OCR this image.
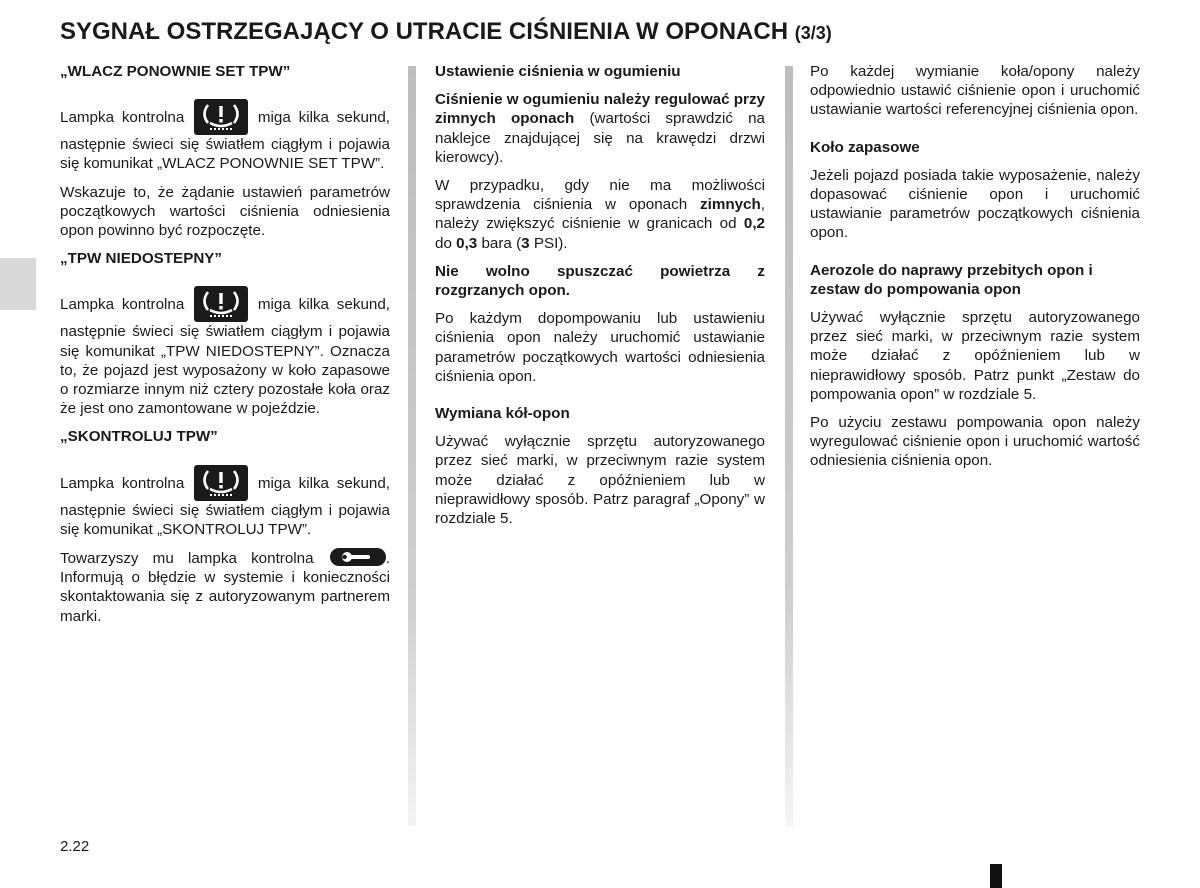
SYGNAŁ OSTRZEGAJĄCY O UTRACIE CIŚNIENIA W OPONACH (3/3)
„WLACZ PONOWNIE SET TPW”

Lampka kontrolna	miga kilka sekund, następnie świeci się światłem ciągłym i pojawia się komunikat „WLACZ PONOWNIE SET TPW”.

Wskazuje to, że żądanie ustawień parametrów początkowych wartości ciśnienia odniesienia opon powinno być rozpoczęte.

„TPW NIEDOSTEPNY”

Lampka kontrolna	miga kilka sekund, następnie świeci się światłem ciągłym i pojawia się komunikat „TPW NIEDOSTEPNY”. Oznacza to, że pojazd jest wyposażony w koło zapasowe o rozmiarze innym niż cztery pozostałe koła oraz że jest ono zamontowane w pojeździe.

„SKONTROLUJ TPW”

Lampka kontrolna	miga kilka sekund, następnie świeci się światłem ciągłym i pojawia się komunikat „SKONTROLUJ TPW”.

Towarzyszy mu lampka kontrolna	. Informują o błędzie w systemie i konieczności skontaktowania się z autoryzowanym partnerem marki.

Ustawienie ciśnienia w ogumieniu

Ciśnienie w ogumieniu należy regulować przy zimnych oponach (wartości sprawdzić na naklejce znajdującej się na krawędzi drzwi kierowcy).

W przypadku, gdy nie ma możliwości sprawdzenia ciśnienia w oponach zimnych, należy zwiększyć ciśnienie w granicach od 0,2 do 0,3 bara (3 PSI).

Nie wolno spuszczać powietrza z rozgrzanych opon.

Po każdym dopompowaniu lub ustawieniu ciśnienia opon należy uruchomić ustawianie parametrów początkowych wartości odniesienia ciśnienia opon.

Wymiana kół-opon

Używać wyłącznie sprzętu autoryzowanego przez sieć marki, w przeciwnym razie system może działać z opóźnieniem lub w nieprawidłowy sposób. Patrz paragraf „Opony” w rozdziale 5.

Po każdej wymianie koła/opony należy odpowiednio ustawić ciśnienie opon i uruchomić ustawianie wartości referencyjnej ciśnienia opon.

Koło zapasowe

Jeżeli pojazd posiada takie wyposażenie, należy dopasować ciśnienie opon i uruchomić ustawianie parametrów początkowych ciśnienia opon.

Aerozole do naprawy przebitych opon i zestaw do pompowania opon

Używać wyłącznie sprzętu autoryzowanego przez sieć marki, w przeciwnym razie system może działać z opóźnieniem lub w nieprawidłowy sposób. Patrz punkt „Zestaw do pompowania opon” w rozdziale 5.

Po użyciu zestawu pompowania opon należy wyregulować ciśnienie opon i uruchomić wartość odniesienia ciśnienia opon.

2.22
